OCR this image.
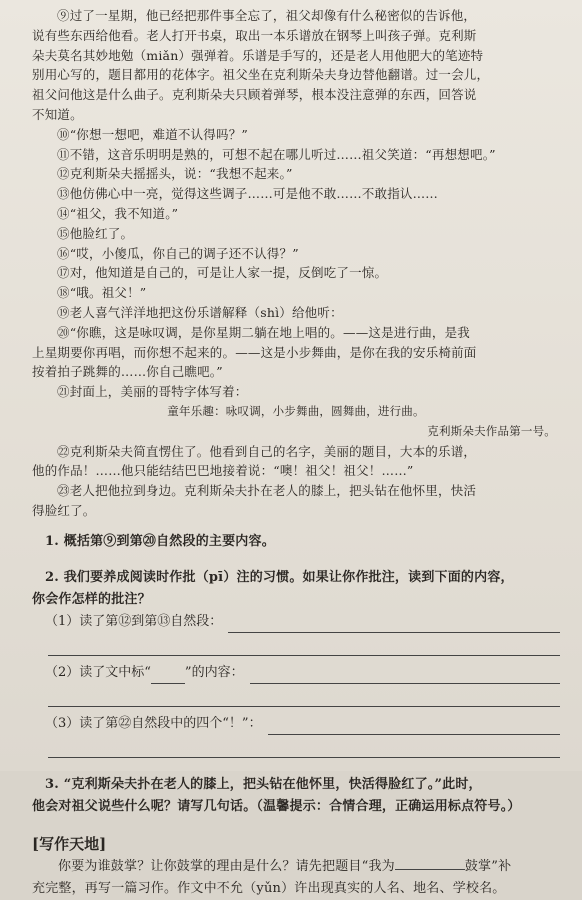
⑨过了一星期，他已经把那件事全忘了，祖父却像有什么秘密似的告诉他，

说有些东西给他看。老人打开书桌，取出一本乐谱放在钢琴上叫孩子弹。克利斯
朵夫莫名其妙地勉（miǎn）强弹着。乐谱是手写的，还是老人用他肥大的笔迹特
别用心写的，题目都用的花体字。祖父坐在克利斯朵夫身边替他翻谱。过一会儿，
祖父问他这是什么曲子。克利斯朵夫只顾着弹琴，根本没注意弹的东西，回答说
不知道。

⑩“你想一想吧，难道不认得吗？”

⑪不错，这音乐明明是熟的，可想不起在哪儿听过……祖父笑道：“再想想吧。”

⑫克利斯朵夫摇摇头，说：“我想不起来。”

⑬他仿佛心中一亮，觉得这些调子……可是他不敢……不敢指认……

⑭“祖父，我不知道。”

⑮他脸红了。

⑯“哎，小傻瓜，你自己的调子还不认得？”

⑰对，他知道是自己的，可是让人家一提，反倒吃了一惊。

⑱“哦。祖父！”

⑲老人喜气洋洋地把这份乐谱解释（shì）给他听：

⑳“你瞧，这是咏叹调，是你星期二躺在地上唱的。——这是进行曲，是我

上星期要你再唱，而你想不起来的。——这是小步舞曲，是你在我的安乐椅前面
按着拍子跳舞的……你自己瞧吧。”

㉑封面上，美丽的哥特字体写着：

童年乐趣：咏叹调，小步舞曲，圆舞曲，进行曲。

克利斯朵夫作品第一号。

㉒克利斯朵夫简直愣住了。他看到自己的名字，美丽的题目，大本的乐谱，

他的作品！……他只能结结巴巴地接着说：“噢！祖父！祖父！……”

㉓老人把他拉到身边。克利斯朵夫扑在老人的膝上，把头钻在他怀里，快活

得脸红了。

1. 概括第⑨到第⑳自然段的主要内容。

2. 我们要养成阅读时作批（pī）注的习惯。如果让你作批注，读到下面的内容，

你会作怎样的批注？

（1）读了第⑫到第⑬自然段：
（2）读了文中标“	”的内容：
（3）读了第㉒自然段中的四个“！”：

3. “克利斯朵夫扑在老人的膝上，把头钻在他怀里，快活得脸红了。”此时，

他会对祖父说些什么呢？请写几句话。（温馨提示：合情合理，正确运用标点符号。）

[写作天地]

你要为谁鼓掌？让你鼓掌的理由是什么？请先把题目“我为	鼓掌”补

充完整，再写一篇习作。作文中不允（yǔn）许出现真实的人名、地名、学校名。
